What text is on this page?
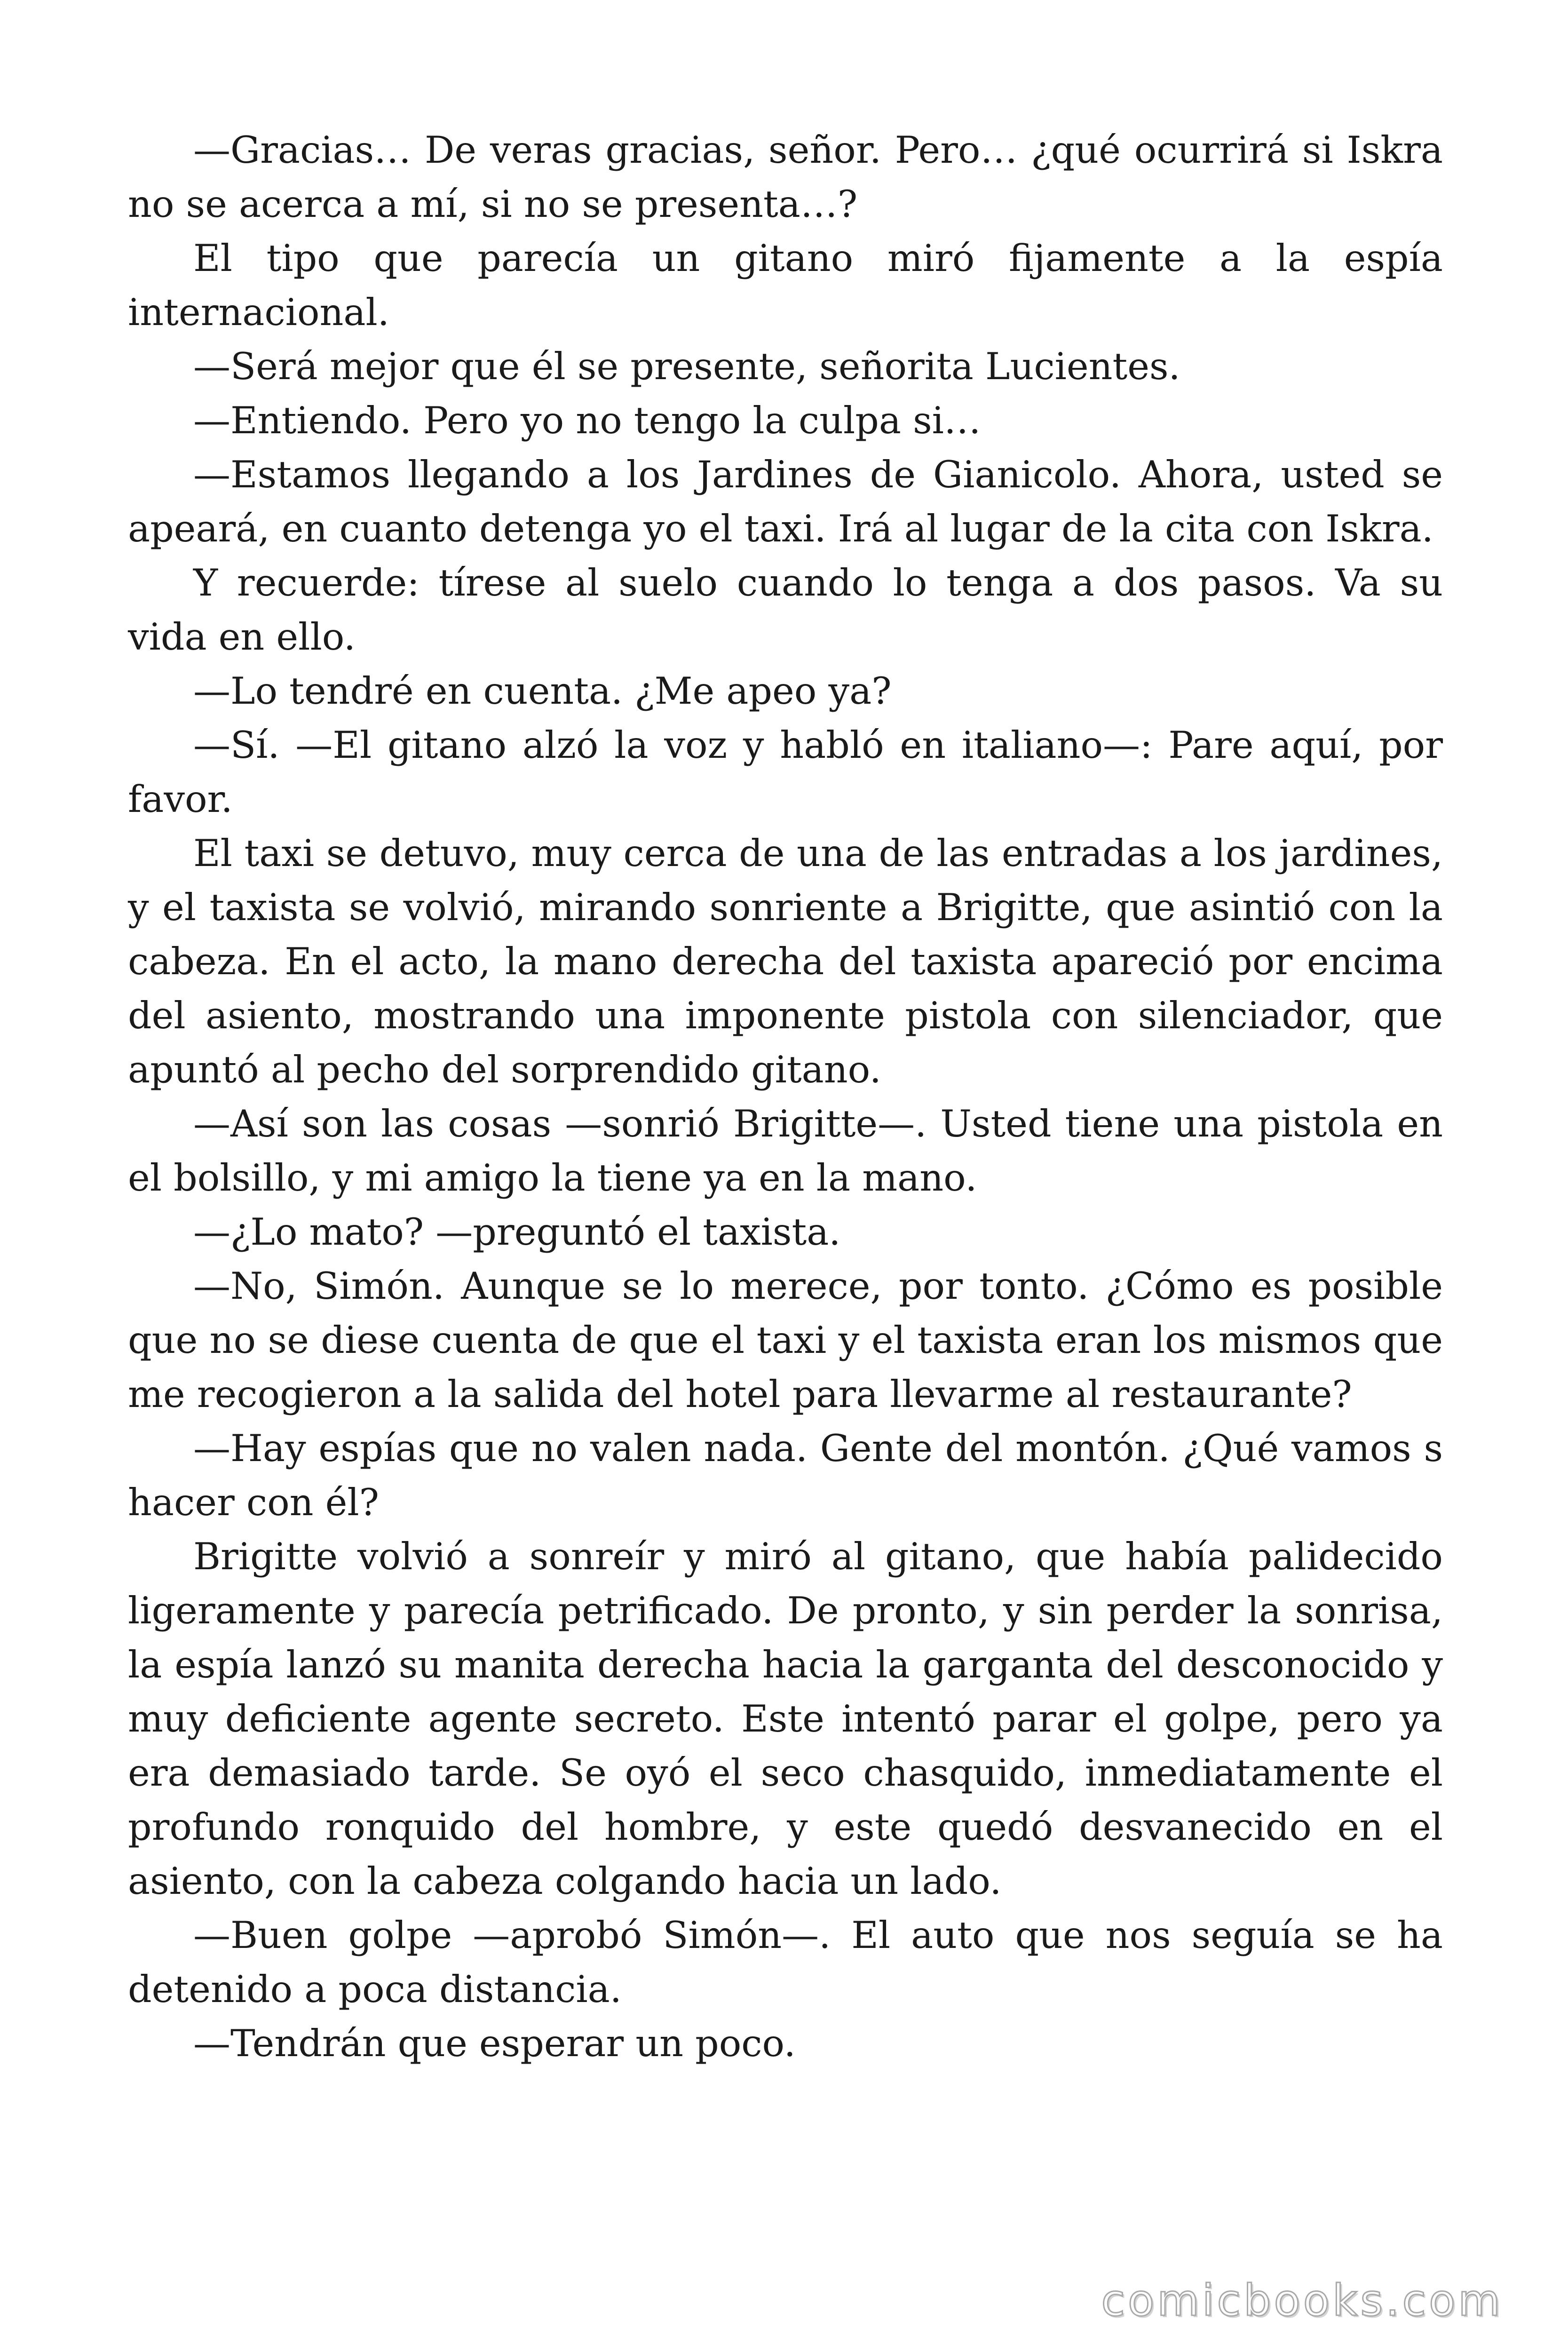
—Gracias… De veras gracias, señor. Pero… ¿qué ocurrirá si Iskra no se acerca a mí, si no se presenta…?

El tipo que parecía un gitano miró fijamente a la espía internacional.

—Será mejor que él se presente, señorita Lucientes.

—Entiendo. Pero yo no tengo la culpa si…

—Estamos llegando a los Jardines de Gianicolo. Ahora, usted se apeará, en cuanto detenga yo el taxi. Irá al lugar de la cita con Iskra.

Y recuerde: tírese al suelo cuando lo tenga a dos pasos. Va su vida en ello.

—Lo tendré en cuenta. ¿Me apeo ya?

—Sí. —El gitano alzó la voz y habló en italiano—: Pare aquí, por favor.

El taxi se detuvo, muy cerca de una de las entradas a los jardines, y el taxista se volvió, mirando sonriente a Brigitte, que asintió con la cabeza. En el acto, la mano derecha del taxista apareció por encima del asiento, mostrando una imponente pistola con silenciador, que apuntó al pecho del sorprendido gitano.

—Así son las cosas —sonrió Brigitte—. Usted tiene una pistola en el bolsillo, y mi amigo la tiene ya en la mano.

—¿Lo mato? —preguntó el taxista.

—No, Simón. Aunque se lo merece, por tonto. ¿Cómo es posible que no se diese cuenta de que el taxi y el taxista eran los mismos que me recogieron a la salida del hotel para llevarme al restaurante?

—Hay espías que no valen nada. Gente del montón. ¿Qué vamos s hacer con él?

Brigitte volvió a sonreír y miró al gitano, que había palidecido ligeramente y parecía petrificado. De pronto, y sin perder la sonrisa, la espía lanzó su manita derecha hacia la garganta del desconocido y muy deficiente agente secreto. Este intentó parar el golpe, pero ya era demasiado tarde. Se oyó el seco chasquido, inmediatamente el profundo ronquido del hombre, y este quedó desvanecido en el asiento, con la cabeza colgando hacia un lado.

—Buen golpe —aprobó Simón—. El auto que nos seguía se ha detenido a poca distancia.

—Tendrán que esperar un poco.

comicbooks.com
